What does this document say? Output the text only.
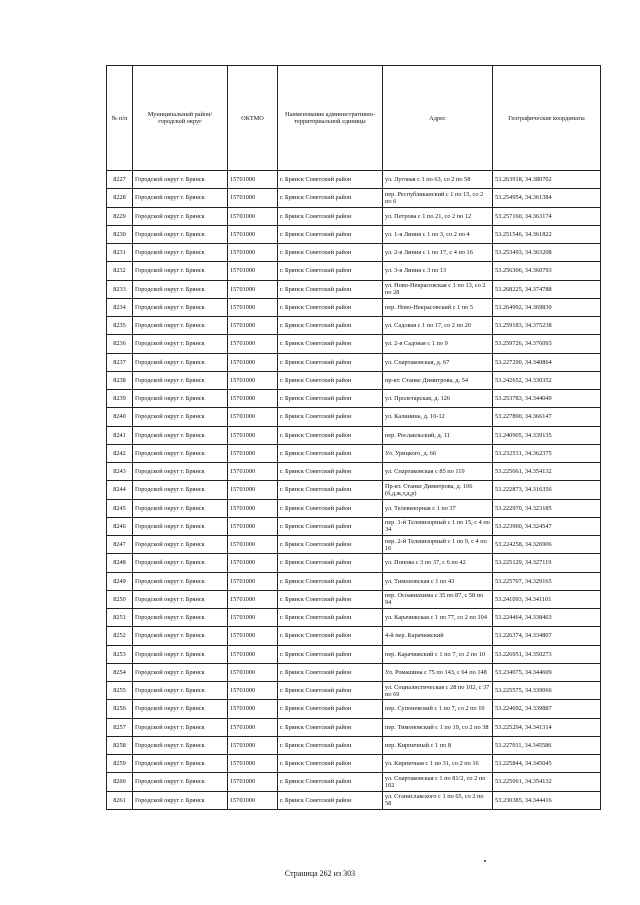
№ п/п	Муниципальный район/городской округ	ОКТМО	Наименование административно-территориальной единицы	Адрес	Географические координаты
8227	Городской округ г. Брянск	15701000	г. Брянск Советский район	ул. Луговая с 1 по 63, со 2 по 58	53.263918, 34.380702
8228	Городской округ г. Брянск	15701000	г. Брянск Советский район	пер. Республиканский с 1 по 15, со 2 по 6	53.254954, 34.361384
8229	Городской округ г. Брянск	15701000	г. Брянск Советский район	ул. Петрова с 1 по 21, со 2 по 12	53.257160, 34.363174
8230	Городской округ г. Брянск	15701000	г. Брянск Советский район	ул. 1-я Линия с 1 по 3, со 2 по 4	53.251546, 34.361822
8231	Городской округ г. Брянск	15701000	г. Брянск Советский район	ул. 2-я Линия с 1 по 17, с 4 по 16	53.253493, 34.363208
8232	Городской округ г. Брянск	15701000	г. Брянск Советский район	ул. 3-я Линия с 3 по 13	53.256306, 34.360793
8233	Городской округ г. Брянск	15701000	г. Брянск Советский район	ул. Ново-Некрасовская с 1 по 13, со 2 по 28	53.268225, 34.374788
8234	Городской округ г. Брянск	15701000	г. Брянск Советский район	пер. Ново-Некрасовский с 1 по 5	53.264992, 34.369830
8235	Городской округ г. Брянск	15701000	г. Брянск Советский район	ул. Садовая с 1 по 17, со 2 по 20	53.259183, 34.375238
8236	Городской округ г. Брянск	15701000	г. Брянск Советский район	ул. 2-я Садовая с 1 по 9	53.259726, 34.376093
8237	Городской округ г. Брянск	15701000	г. Брянск Советский район	ул. Спартаковская, д. 67	53.227290, 34.340864
8238	Городской округ г. Брянск	15701000	г. Брянск Советский район	пр-кт. Станке Димитрова, д. 54	53.242652, 34.330352
8239	Городской округ г. Брянск	15701000	г. Брянск Советский район	ул. Пролетарская, д. 126	53.253783, 34.344049
8240	Городской округ г. Брянск	15701000	г. Брянск Советский район	ул. Калинина, д. 10-12	53.227890, 34.366147
8241	Городской округ г. Брянск	15701000	г. Брянск Советский район	пер. Рославльский, д. 11	53.240905, 34.339135
8242	Городской округ г. Брянск	15701000	г. Брянск Советский район	Ул. Урицкого, д. 66	53.232531, 34.362375
8243	Городской округ г. Брянск	15701000	г. Брянск Советский район	ул. Спартаковская с 85 по 119	53.225061, 34.354132
8244	Городской округ г. Брянск	15701000	г. Брянск Советский район	Пр-кт. Станке Димитрова, д. 106 (б,д,ж,т,д,р)	53.222873, 34.316356
8245	Городской округ г. Брянск	15701000	г. Брянск Советский район	ул. Телевизорная с 1 по 37	53.222970, 34.323185
8246	Городской округ г. Брянск	15701000	г. Брянск Советский район	пер. 1-й Телевизорный с 1 по 15, с 4 по 34	53.223960, 34.324547
8247	Городской округ г. Брянск	15701000	г. Брянск Советский район	пер. 2-й Телевизорный с 1 по 9, с 4 по 16	53.224258, 34.326906
8248	Городской округ г. Брянск	15701000	г. Брянск Советский район	ул. Попова с 3 по 37, с 6 по 42	53.225129, 34.327119
8249	Городской округ г. Брянск	15701000	г. Брянск Советский район	ул. Тимоновская с 1 по 43	53.225707, 34.329165
8250	Городской округ г. Брянск	15701000	г. Брянск Советский район	пер. Осоавиахима с 35 по 87, с 58 по 94	53.241093, 34.341101
8251	Городской округ г. Брянск	15701000	г. Брянск Советский район	ул. Карачижская с 1 по 77, со 2 по 104	53.224464, 34.338463
8252	Городской округ г. Брянск	15701000	г. Брянск Советский район	4-й пер. Карачижский	53.226374, 34.334807
8253	Городской округ г. Брянск	15701000	г. Брянск Советский район	пер. Карачижский с 1 по 7, со 2 по 10	53.226951, 34.350273
8254	Городской округ г. Брянск	15701000	г. Брянск Советский район	Ул. Ромашина с 75 по 143, с 64 по 148	53.234075, 34.344609
8255	Городской округ г. Брянск	15701000	г. Брянск Советский район	ул. Социалистическая с 28 по 102, с 37 по 69	53.225575, 34.339066
8256	Городской округ г. Брянск	15701000	г. Брянск Советский район	пер. Супоневский с 1 по 7, со 2 по 10	53.224692, 34.339887
8257	Городской округ г. Брянск	15701000	г. Брянск Советский район	пер. Тимоновский с 1 по 19, со 2 по 38	53.225294, 34.341314
8258	Городской округ г. Брянск	15701000	г. Брянск Советский район	пер. Кирпичный с 1 по 8	53.227011, 34.345586
8259	Городской округ г. Брянск	15701000	г. Брянск Советский район	ул. Кирпичная с 1 по 31, со 2 по 16	53.225844, 34.345045
8260	Городской округ г. Брянск	15701000	г. Брянск Советский район	ул. Спартаковская с 1 по 81/2, со 2 по 102	53.225061, 34.354132
8261	Городской округ г. Брянск	15701000	г. Брянск Советский район	ул. Станиславского с 1 по 65, со 2 по 58	53.230385, 34.344416
Страница 262 из 303
